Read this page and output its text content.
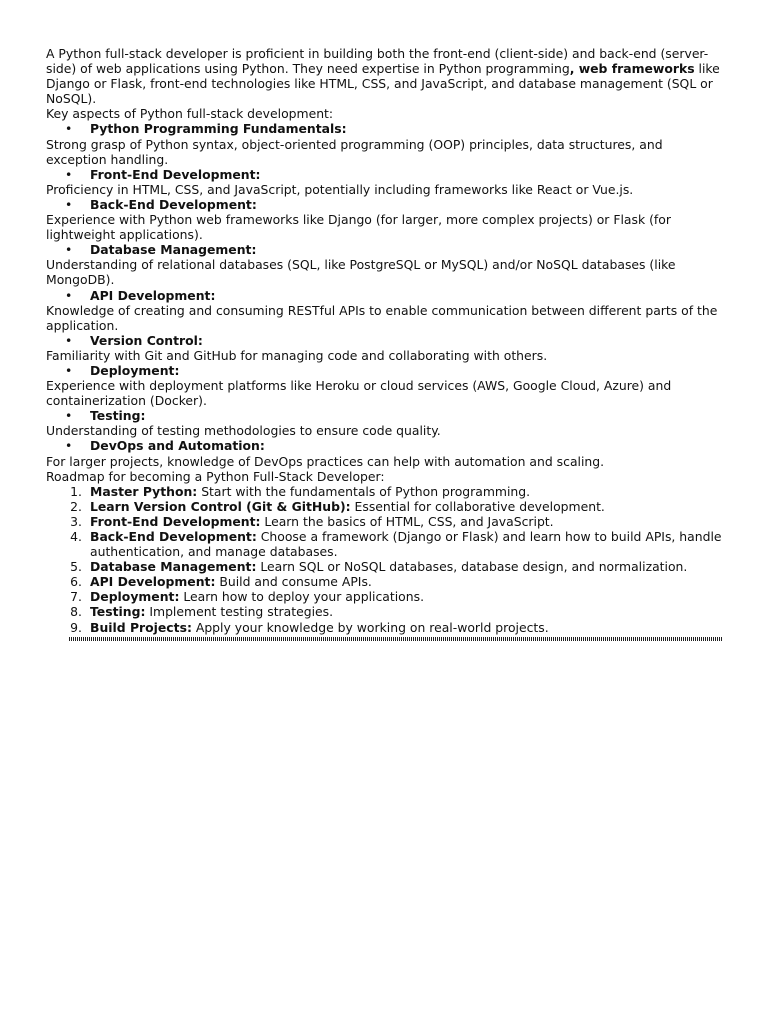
A Python full-stack developer is proficient in building both the front-end (client-side) and back-end (server-side) of web applications using Python. They need expertise in Python programming, web frameworks like Django or Flask, front-end technologies like HTML, CSS, and JavaScript, and database management (SQL or NoSQL).

Key aspects of Python full-stack development:

• Python Programming Fundamentals:

Strong grasp of Python syntax, object-oriented programming (OOP) principles, data structures, and exception handling.

• Front-End Development:

Proficiency in HTML, CSS, and JavaScript, potentially including frameworks like React or Vue.js.

• Back-End Development:

Experience with Python web frameworks like Django (for larger, more complex projects) or Flask (for lightweight applications).

• Database Management:

Understanding of relational databases (SQL, like PostgreSQL or MySQL) and/or NoSQL databases (like MongoDB).

• API Development:

Knowledge of creating and consuming RESTful APIs to enable communication between different parts of the application.

• Version Control:

Familiarity with Git and GitHub for managing code and collaborating with others.

• Deployment:

Experience with deployment platforms like Heroku or cloud services (AWS, Google Cloud, Azure) and containerization (Docker).

• Testing:

Understanding of testing methodologies to ensure code quality.

• DevOps and Automation:

For larger projects, knowledge of DevOps practices can help with automation and scaling.

Roadmap for becoming a Python Full-Stack Developer:

1. Master Python: Start with the fundamentals of Python programming.
2. Learn Version Control (Git & GitHub): Essential for collaborative development.
3. Front-End Development: Learn the basics of HTML, CSS, and JavaScript.
4. Back-End Development: Choose a framework (Django or Flask) and learn how to build APIs, handle authentication, and manage databases.
5. Database Management: Learn SQL or NoSQL databases, database design, and normalization.
6. API Development: Build and consume APIs.
7. Deployment: Learn how to deploy your applications.
8. Testing: Implement testing strategies.
9. Build Projects: Apply your knowledge by working on real-world projects.
